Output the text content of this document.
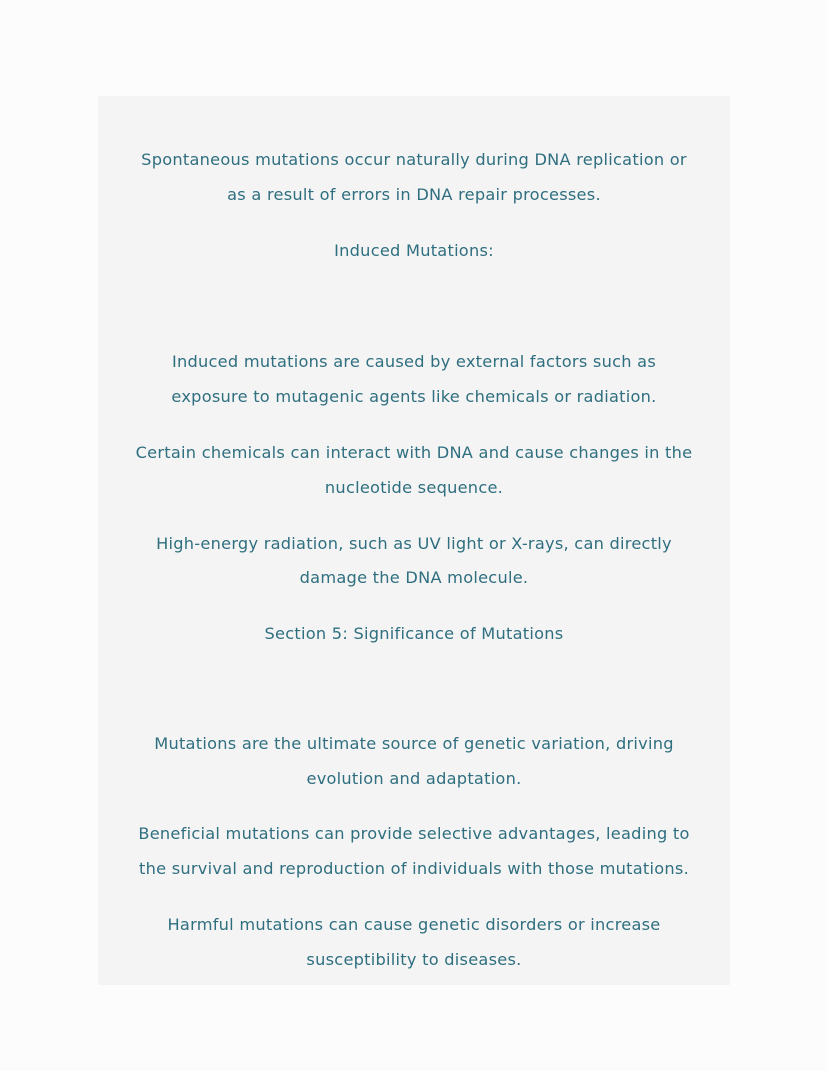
Spontaneous mutations occur naturally during DNA replication or
as a result of errors in DNA repair processes.
Induced Mutations:
Induced mutations are caused by external factors such as
exposure to mutagenic agents like chemicals or radiation.
Certain chemicals can interact with DNA and cause changes in the
nucleotide sequence.
High-energy radiation, such as UV light or X-rays, can directly
damage the DNA molecule.
Section 5: Significance of Mutations
Mutations are the ultimate source of genetic variation, driving
evolution and adaptation.
Beneficial mutations can provide selective advantages, leading to
the survival and reproduction of individuals with those mutations.
Harmful mutations can cause genetic disorders or increase
susceptibility to diseases.
